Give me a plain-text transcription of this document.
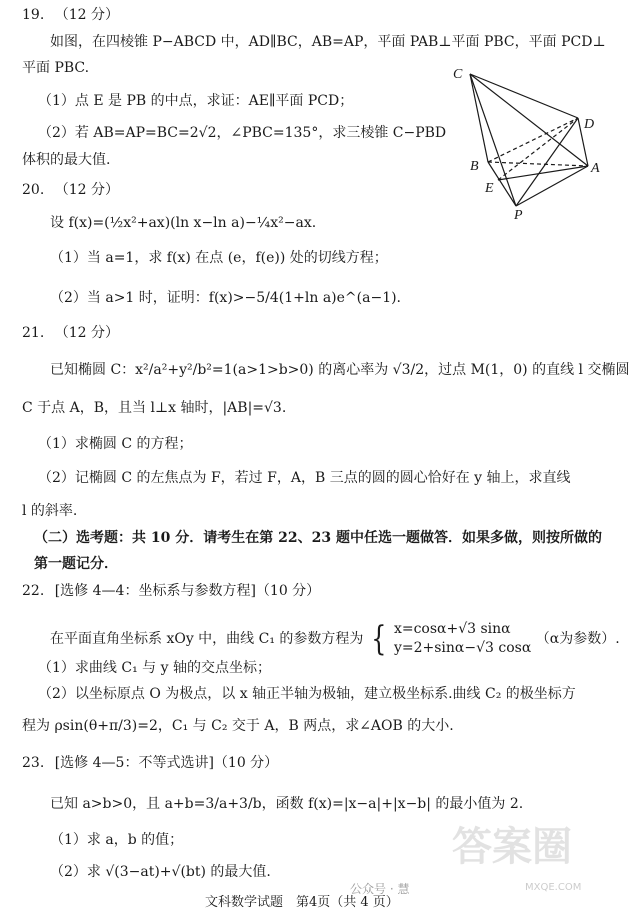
19. （12 分）
如图，在四棱锥 P−ABCD 中，AD∥BC，AB=AP，平面 PAB⊥平面 PBC，平面 PCD⊥
平面 PBC.
（1）点 E 是 PB 的中点，求证：AE∥平面 PCD；
（2）若 AB=AP=BC=2√2，∠PBC=135°，求三棱锥 C−PBD
体积的最大值.
C
D
B	A
E
P
20. （12 分）
设 f(x)=(½x²+ax)(ln x−ln a)−¼x²−ax.
（1）当 a=1，求 f(x) 在点 (e，f(e)) 处的切线方程；
（2）当 a>1 时，证明：f(x)>−5/4(1+ln a)e^(a−1).
21. （12 分）
已知椭圆 C：x²/a²+y²/b²=1(a>1>b>0) 的离心率为 √3/2，过点 M(1，0) 的直线 l 交椭圆
C 于点 A，B，且当 l⊥x 轴时，|AB|=√3.
（1）求椭圆 C 的方程；
（2）记椭圆 C 的左焦点为 F，若过 F，A，B 三点的圆的圆心恰好在 y 轴上，求直线
l 的斜率.
（二）选考题：共 10 分．请考生在第 22、23 题中任选一题做答．如果多做，则按所做的
第一题记分．
22. [选修 4—4：坐标系与参数方程]（10 分）
在平面直角坐标系 xOy 中，曲线 C₁ 的参数方程为 { x=cosα+√3 sinα
y=2+sinα−√3 cosα
（α为参数）.
（1）求曲线 C₁ 与 y 轴的交点坐标；
（2）以坐标原点 O 为极点，以 x 轴正半轴为极轴，建立极坐标系.曲线 C₂ 的极坐标方
程为 ρsin(θ+π/3)=2，C₁ 与 C₂ 交于 A，B 两点，求∠AOB 的大小.
23. [选修 4—5：不等式选讲]（10 分）
已知 a>b>0，且 a+b=3/a+3/b，函数 f(x)=|x−a|+|x−b| 的最小值为 2.
（1）求 a，b 的值；
（2）求 √(3−at)+√(bt) 的最大值.
公众号 · 慧
答案圈
MXQE.COM
文科数学试题　第4页（共 4 页）
